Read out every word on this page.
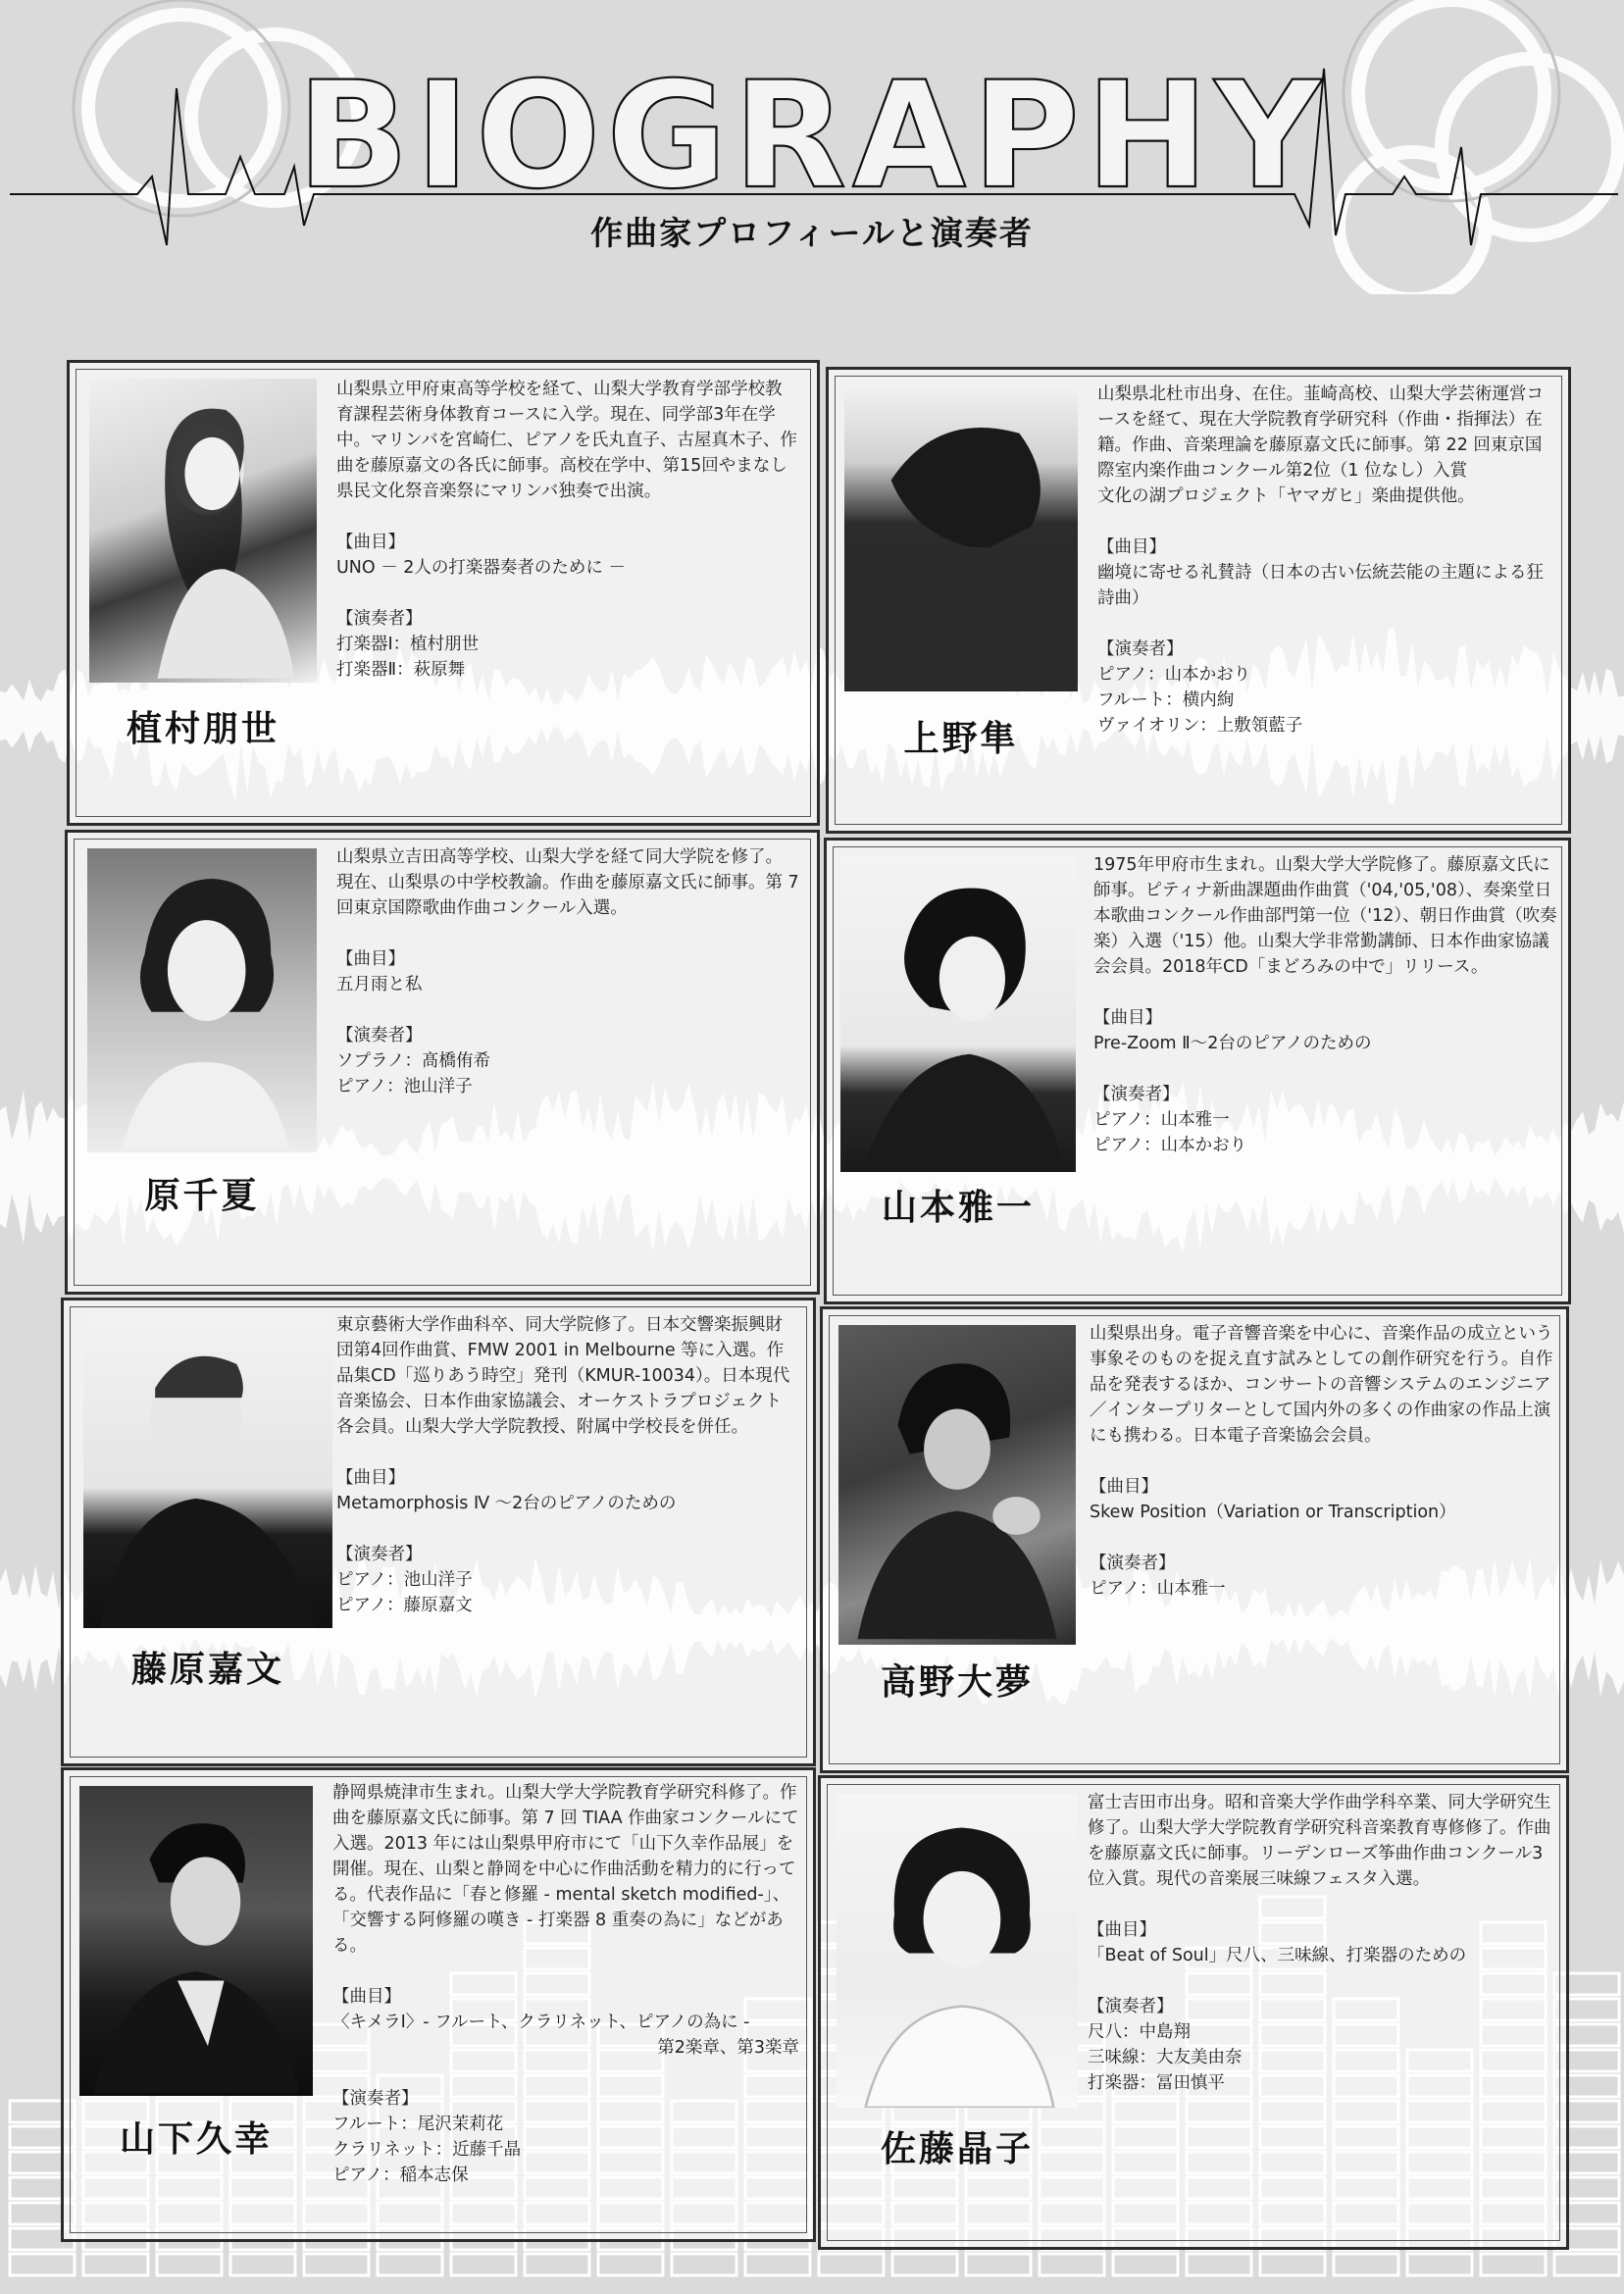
BIOGRAPHY
作曲家プロフィールと演奏者
植村朋世

山梨県立甲府東高等学校を経て、山梨大学教育学部学校教育課程芸術身体教育コースに入学。現在、同学部3年在学中。マリンバを宮崎仁、ピアノを氏丸直子、古屋真木子、作曲を藤原嘉文の各氏に師事。高校在学中、第15回やまなし県民文化祭音楽祭にマリンバ独奏で出演。

【曲目】

UNO － 2人の打楽器奏者のために －

【演奏者】

打楽器Ⅰ：植村朋世

打楽器Ⅱ：萩原舞

上野隼

山梨県北杜市出身、在住。韮崎高校、山梨大学芸術運営コースを経て、現在大学院教育学研究科（作曲・指揮法）在籍。作曲、音楽理論を藤原嘉文氏に師事。第 22 回東京国際室内楽作曲コンクール第2位（1 位なし）入賞

文化の湖プロジェクト「ヤマガヒ」楽曲提供他。

【曲目】

幽境に寄せる礼賛詩（日本の古い伝統芸能の主題による狂詩曲）

【演奏者】

ピアノ：山本かおり

フルート：横内絢

ヴァイオリン：上敷領藍子

原千夏

山梨県立吉田高等学校、山梨大学を経て同大学院を修了。現在、山梨県の中学校教諭。作曲を藤原嘉文氏に師事。第 7 回東京国際歌曲作曲コンクール入選。

【曲目】

五月雨と私

【演奏者】

ソプラノ：髙橋侑希

ピアノ：池山洋子

山本雅一

1975年甲府市生まれ。山梨大学大学院修了。藤原嘉文氏に師事。ピティナ新曲課題曲作曲賞（'04,'05,'08）、奏楽堂日本歌曲コンクール作曲部門第一位（'12）、朝日作曲賞（吹奏楽）入選（'15）他。山梨大学非常勤講師、日本作曲家協議会会員。2018年CD「まどろみの中で」リリース。

【曲目】

Pre-Zoom Ⅱ～2台のピアノのための

【演奏者】

ピアノ：山本雅一

ピアノ：山本かおり

藤原嘉文

東京藝術大学作曲科卒、同大学院修了。日本交響楽振興財団第4回作曲賞、FMW 2001 in Melbourne 等に入選。作品集CD「巡りあう時空」発刊（KMUR-10034）。日本現代音楽協会、日本作曲家協議会、オーケストラプロジェクト各会員。山梨大学大学院教授、附属中学校長を併任。

【曲目】

Metamorphosis Ⅳ ～2台のピアノのための

【演奏者】

ピアノ：池山洋子

ピアノ：藤原嘉文

高野大夢

山梨県出身。電子音響音楽を中心に、音楽作品の成立という事象そのものを捉え直す試みとしての創作研究を行う。自作品を発表するほか、コンサートの音響システムのエンジニア／インタープリターとして国内外の多くの作曲家の作品上演にも携わる。日本電子音楽協会会員。

【曲目】

Skew Position（Variation or Transcription）

【演奏者】

ピアノ：山本雅一

山下久幸

静岡県焼津市生まれ。山梨大学大学院教育学研究科修了。作曲を藤原嘉文氏に師事。第 7 回 TIAA 作曲家コンクールにて入選。2013 年には山梨県甲府市にて「山下久幸作品展」を開催。現在、山梨と静岡を中心に作曲活動を精力的に行ってる。代表作品に「春と修羅 - mental sketch modified-」、「交響する阿修羅の嘆き - 打楽器 8 重奏の為に」などがある。

【曲目】

〈キメラⅠ〉- フルート、クラリネット、ピアノの為に -

第2楽章、第3楽章

【演奏者】

フルート：尾沢茉莉花

クラリネット：近藤千晶

ピアノ：稲本志保

佐藤晶子

富士吉田市出身。昭和音楽大学作曲学科卒業、同大学研究生修了。山梨大学大学院教育学研究科音楽教育専修修了。作曲を藤原嘉文氏に師事。リーデンローズ筝曲作曲コンクール3位入賞。現代の音楽展三味線フェスタ入選。

【曲目】

「Beat of Soul」尺八、三味線、打楽器のための

【演奏者】

尺八：中島翔

三味線：大友美由奈

打楽器：冨田慎平
